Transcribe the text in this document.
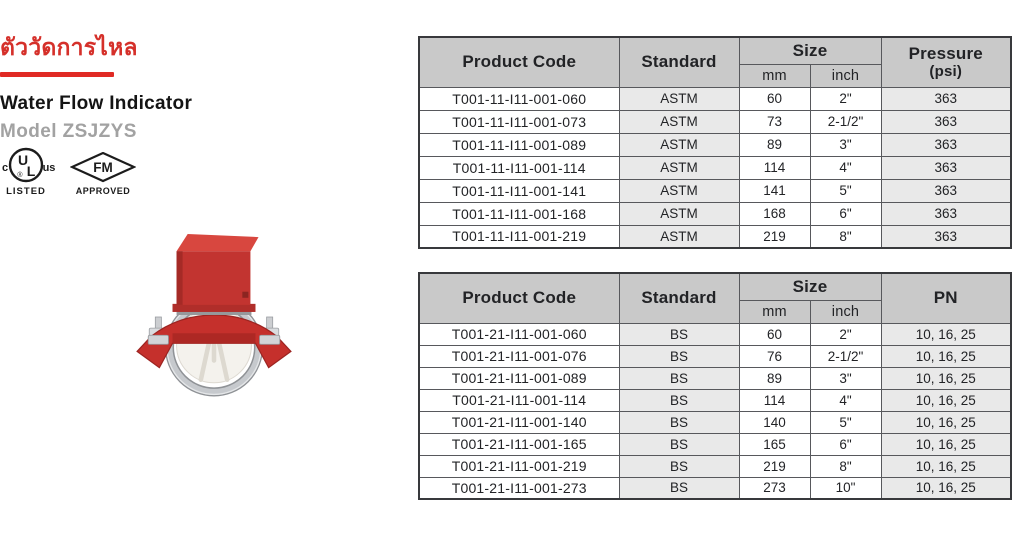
ตัววัดการไหล
Water Flow Indicator
Model ZSJZYS
U
L
®
c	us
LISTED
FM
APPROVED
Product Code	Standard	Size		Pressure
(psi)

		mm	inch	
T001-11-I11-001-060	ASTM	60	2"	363
T001-11-I11-001-073	ASTM	73	2-1/2"	363
T001-11-I11-001-089	ASTM	89	3"	363
T001-11-I11-001-114	ASTM	114	4"	363
T001-11-I11-001-141	ASTM	141	5"	363
T001-11-I11-001-168	ASTM	168	6"	363
T001-11-I11-001-219	ASTM	219	8"	363
Product Code	Standard	Size		PN

		mm	inch	
T001-21-I11-001-060	BS	60	2"	10, 16, 25
T001-21-I11-001-076	BS	76	2-1/2"	10, 16, 25
T001-21-I11-001-089	BS	89	3"	10, 16, 25
T001-21-I11-001-114	BS	114	4"	10, 16, 25
T001-21-I11-001-140	BS	140	5"	10, 16, 25
T001-21-I11-001-165	BS	165	6"	10, 16, 25
T001-21-I11-001-219	BS	219	8"	10, 16, 25
T001-21-I11-001-273	BS	273	10"	10, 16, 25
